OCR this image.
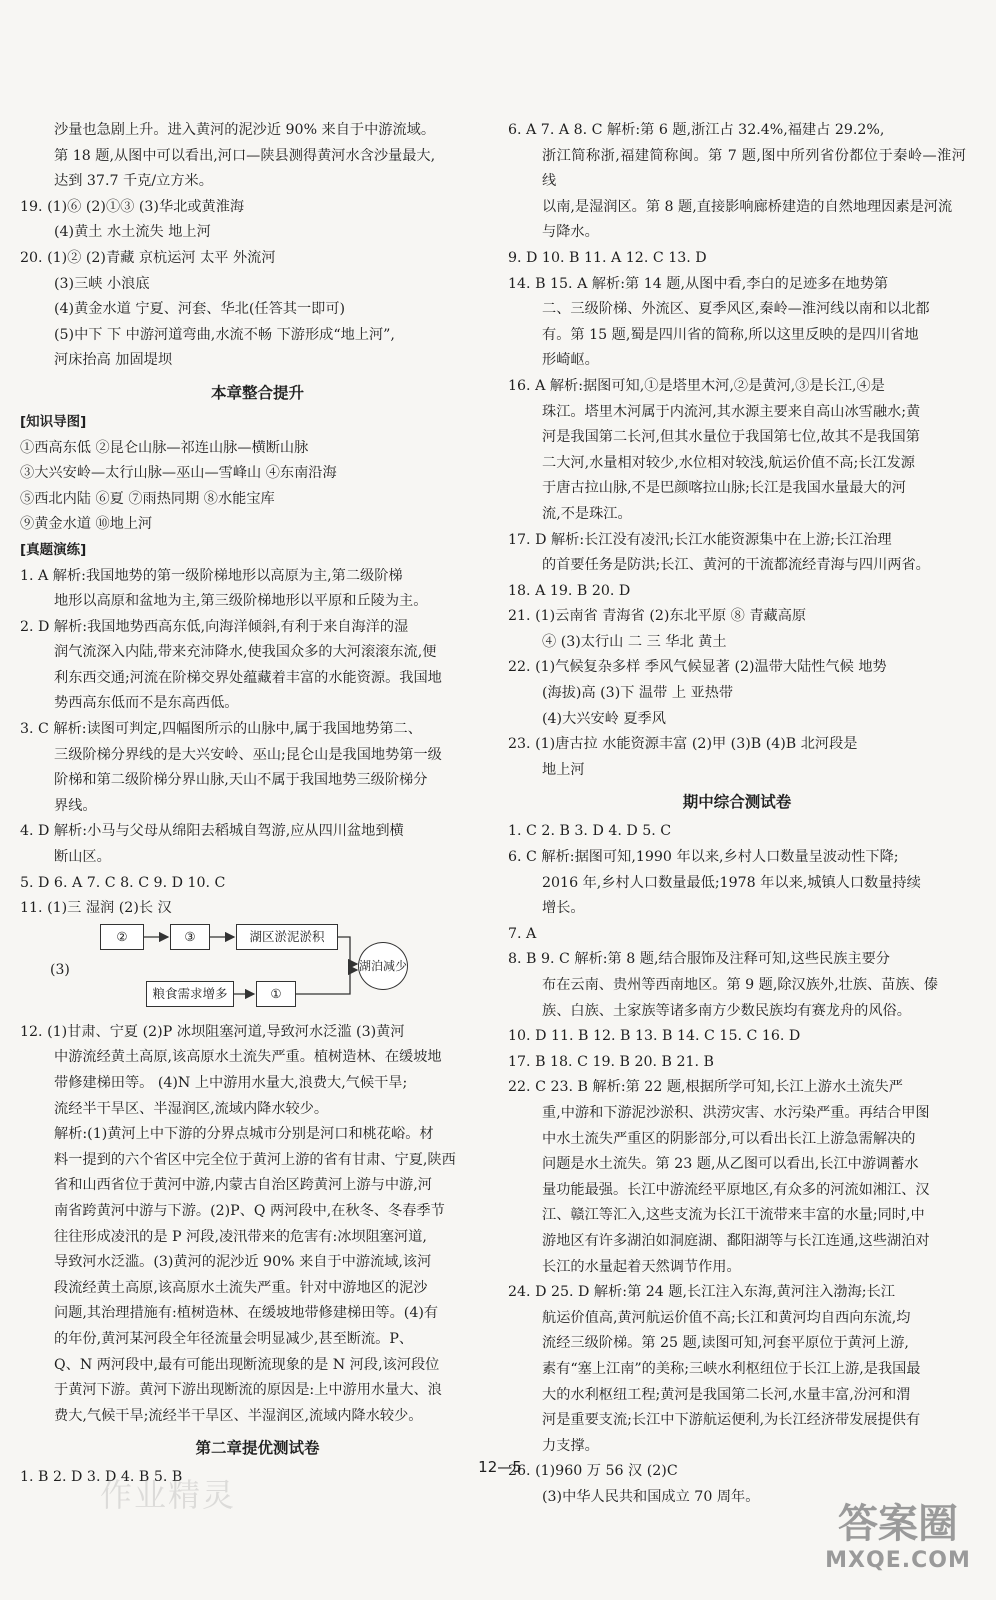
沙量也急剧上升。进入黄河的泥沙近 90% 来自于中游流域。

第 18 题,从图中可以看出,河口—陕县测得黄河水含沙量最大,

达到 37.7 千克/立方米。

19. (1)⑥ (2)①③ (3)华北或黄淮海

(4)黄土 水土流失 地上河

20. (1)② (2)青藏 京杭运河 太平 外流河

(3)三峡 小浪底

(4)黄金水道 宁夏、河套、华北(任答其一即可)

(5)中下 下 中游河道弯曲,水流不畅 下游形成“地上河”,

河床抬高 加固堤坝

本章整合提升

[知识导图]

①西高东低 ②昆仑山脉—祁连山脉—横断山脉

③大兴安岭—太行山脉—巫山—雪峰山 ④东南沿海

⑤西北内陆 ⑥夏 ⑦雨热同期 ⑧水能宝库

⑨黄金水道 ⑩地上河

[真题演练]

1. A 解析:我国地势的第一级阶梯地形以高原为主,第二级阶梯

地形以高原和盆地为主,第三级阶梯地形以平原和丘陵为主。

2. D 解析:我国地势西高东低,向海洋倾斜,有利于来自海洋的湿

润气流深入内陆,带来充沛降水,使我国众多的大河滚滚东流,便

利东西交通;河流在阶梯交界处蕴藏着丰富的水能资源。我国地

势西高东低而不是东高西低。

3. C 解析:读图可判定,四幅图所示的山脉中,属于我国地势第二、

三级阶梯分界线的是大兴安岭、巫山;昆仑山是我国地势第一级

阶梯和第二级阶梯分界山脉,天山不属于我国地势三级阶梯分

界线。

4. D 解析:小马与父母从绵阳去稻城自驾游,应从四川盆地到横

断山区。

5. D 6. A 7. C 8. C 9. D 10. C

11. (1)三 湿润 (2)长 汉

(3)
②	③	湖区淤泥淤积
湖泊减少
粮食需求增多	①

12. (1)甘肃、宁夏 (2)P 冰坝阻塞河道,导致河水泛滥 (3)黄河

中游流经黄土高原,该高原水土流失严重。植树造林、在缓坡地

带修建梯田等。 (4)N 上中游用水量大,浪费大,气候干旱;

流经半干旱区、半湿润区,流域内降水较少。

解析:(1)黄河上中下游的分界点城市分别是河口和桃花峪。材

料一提到的六个省区中完全位于黄河上游的省有甘肃、宁夏,陕西

省和山西省位于黄河中游,内蒙古自治区跨黄河上游与中游,河

南省跨黄河中游与下游。(2)P、Q 两河段中,在秋冬、冬春季节

往往形成凌汛的是 P 河段,凌汛带来的危害有:冰坝阻塞河道,

导致河水泛滥。(3)黄河的泥沙近 90% 来自于中游流域,该河

段流经黄土高原,该高原水土流失严重。针对中游地区的泥沙

问题,其治理措施有:植树造林、在缓坡地带修建梯田等。(4)有

的年份,黄河某河段全年径流量会明显减少,甚至断流。P、

Q、N 两河段中,最有可能出现断流现象的是 N 河段,该河段位

于黄河下游。黄河下游出现断流的原因是:上中游用水量大、浪

费大,气候干旱;流经半干旱区、半湿润区,流域内降水较少。

第二章提优测试卷

1. B 2. D 3. D 4. B 5. B

6. A 7. A 8. C 解析:第 6 题,浙江占 32.4%,福建占 29.2%,

浙江简称浙,福建简称闽。第 7 题,图中所列省份都位于秦岭—淮河线

以南,是湿润区。第 8 题,直接影响廊桥建造的自然地理因素是河流

与降水。

9. D 10. B 11. A 12. C 13. D

14. B 15. A 解析:第 14 题,从图中看,李白的足迹多在地势第

二、三级阶梯、外流区、夏季风区,秦岭—淮河线以南和以北都

有。第 15 题,蜀是四川省的简称,所以这里反映的是四川省地

形崎岖。

16. A 解析:据图可知,①是塔里木河,②是黄河,③是长江,④是

珠江。塔里木河属于内流河,其水源主要来自高山冰雪融水;黄

河是我国第二长河,但其水量位于我国第七位,故其不是我国第

二大河,水量相对较少,水位相对较浅,航运价值不高;长江发源

于唐古拉山脉,不是巴颜喀拉山脉;长江是我国水量最大的河

流,不是珠江。

17. D 解析:长江没有凌汛;长江水能资源集中在上游;长江治理

的首要任务是防洪;长江、黄河的干流都流经青海与四川两省。

18. A 19. B 20. D

21. (1)云南省 青海省 (2)东北平原 ⑧ 青藏高原

④ (3)太行山 二 三 华北 黄土

22. (1)气候复杂多样 季风气候显著 (2)温带大陆性气候 地势

(海拔)高 (3)下 温带 上 亚热带

(4)大兴安岭 夏季风

23. (1)唐古拉 水能资源丰富 (2)甲 (3)B (4)B 北河段是

地上河

期中综合测试卷

1. C 2. B 3. D 4. D 5. C

6. C 解析:据图可知,1990 年以来,乡村人口数量呈波动性下降;

2016 年,乡村人口数量最低;1978 年以来,城镇人口数量持续

增长。

7. A

8. B 9. C 解析:第 8 题,结合服饰及注释可知,这些民族主要分

布在云南、贵州等西南地区。第 9 题,除汉族外,壮族、苗族、傣

族、白族、土家族等诸多南方少数民族均有赛龙舟的风俗。

10. D 11. B 12. B 13. B 14. C 15. C 16. D

17. B 18. C 19. B 20. B 21. B

22. C 23. B 解析:第 22 题,根据所学可知,长江上游水土流失严

重,中游和下游泥沙淤积、洪涝灾害、水污染严重。再结合甲图

中水土流失严重区的阴影部分,可以看出长江上游急需解决的

问题是水土流失。第 23 题,从乙图可以看出,长江中游调蓄水

量功能最强。长江中游流经平原地区,有众多的河流如湘江、汉

江、赣江等汇入,这些支流为长江干流带来丰富的水量;同时,中

游地区有许多湖泊如洞庭湖、鄱阳湖等与长江连通,这些湖泊对

长江的水量起着天然调节作用。

24. D 25. D 解析:第 24 题,长江注入东海,黄河注入渤海;长江

航运价值高,黄河航运价值不高;长江和黄河均自西向东流,均

流经三级阶梯。第 25 题,读图可知,河套平原位于黄河上游,

素有“塞上江南”的美称;三峡水利枢纽位于长江上游,是我国最

大的水利枢纽工程;黄河是我国第二长河,水量丰富,汾河和渭

河是重要支流;长江中下游航运便利,为长江经济带发展提供有

力支撑。

26. (1)960 万 56 汉 (2)C

(3)中华人民共和国成立 70 周年。

12—5
作业精灵
答案圈
MXQE.COM
